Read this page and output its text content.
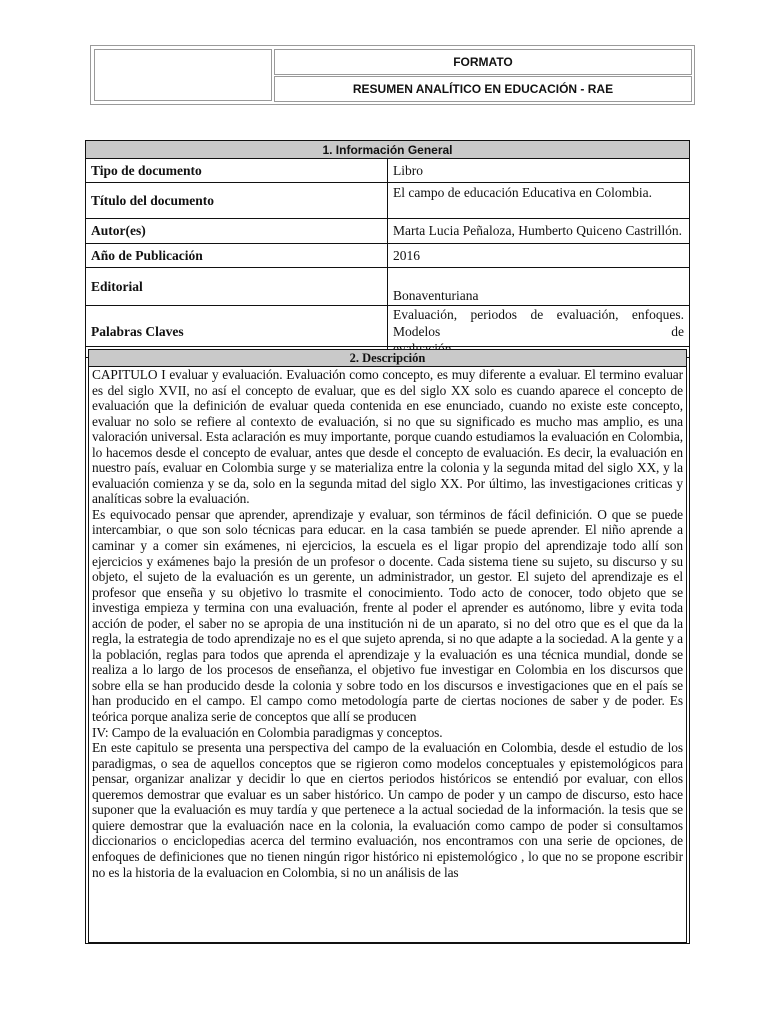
FORMATO
RESUMEN ANALÍTICO EN EDUCACIÓN - RAE
1. Información General	
Tipo de documento	Libro
Título del documento	El campo de educación Educativa en Colombia.
Autor(es)	Marta Lucia Peñaloza, Humberto Quiceno Castrillón.
Año de Publicación	2016
Editorial	Bonaventuriana
Palabras Claves	Evaluación, periodos de evaluación, enfoques. Modelos de
2. Descripción

CAPITULO I evaluar y evaluación. Evaluación como concepto, es muy diferente a evaluar. El termino evaluar es del siglo XVII, no así el concepto de evaluar, que es del siglo XX solo es cuando aparece el concepto de evaluación que la definición de evaluar queda contenida en ese enunciado, cuando no existe este concepto, evaluar no solo se refiere al contexto de evaluación, si no que su significado es mucho mas amplio, es una valoración universal. Esta aclaración es muy importante, porque cuando estudiamos la evaluación en Colombia, lo hacemos desde el concepto de evaluar, antes que desde el concepto de evaluación. Es decir, la evaluación en nuestro país, evaluar en Colombia surge y se materializa entre la colonia y la segunda mitad del siglo XX, y la evaluación comienza y se da, solo en la segunda mitad del siglo XX. Por último, las investigaciones criticas y analíticas sobre la evaluación.

Es equivocado pensar que aprender, aprendizaje y evaluar, son términos de fácil definición. O que se puede intercambiar, o que son solo técnicas para educar. en la casa también se puede aprender. El niño aprende a caminar y a comer sin exámenes, ni ejercicios, la escuela es el ligar propio del aprendizaje todo allí son ejercicios y exámenes bajo la presión de un profesor o docente. Cada sistema tiene su sujeto, su discurso y su objeto, el sujeto de la evaluación es un gerente, un administrador, un gestor. El sujeto del aprendizaje es el profesor que enseña y su objetivo lo trasmite el conocimiento. Todo acto de conocer, todo objeto que se investiga empieza y termina con una evaluación, frente al poder el aprender es autónomo, libre y evita toda acción de poder, el saber no se apropia de una institución ni de un aparato, si no del otro que es el que da la regla, la estrategia de todo aprendizaje no es el que sujeto aprenda, si no que adapte a la sociedad. A la gente y a la población, reglas para todos que aprenda el aprendizaje y la evaluación es una técnica mundial, donde se realiza a lo largo de los procesos de enseñanza, el objetivo fue investigar en Colombia en los discursos que sobre ella se han producido desde la colonia y sobre todo en los discursos e investigaciones que en el país se han producido en el campo. El campo como metodología parte de ciertas nociones de saber y de poder. Es teórica porque analiza serie de conceptos que allí se producen

IV: Campo de la evaluación en Colombia paradigmas y conceptos.

En este capitulo se presenta una perspectiva del campo de la evaluación en Colombia, desde el estudio de los paradigmas, o sea de aquellos conceptos que se rigieron como modelos conceptuales y epistemológicos para pensar, organizar analizar y decidir lo que en ciertos periodos históricos se entendió por evaluar, con ellos queremos demostrar que evaluar es un saber histórico. Un campo de poder y un campo de discurso, esto hace suponer que la evaluación es muy tardía y que pertenece a la actual sociedad de la información. la tesis que se quiere demostrar que la evaluación nace en la colonia, la evaluación como campo de poder si consultamos diccionarios o enciclopedias acerca del termino evaluación, nos encontramos con una serie de opciones, de enfoques de definiciones que no tienen ningún rigor histórico ni epistemológico , lo que no se propone escribir no es la historia de la evaluacion en Colombia, si no un análisis de las
